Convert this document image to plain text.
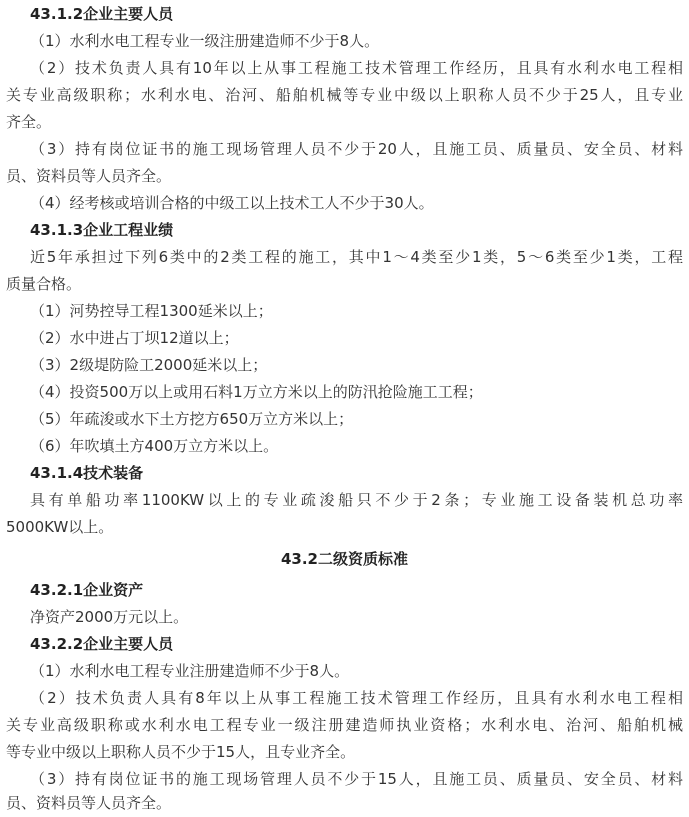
43.1.2企业主要人员
（1）水利水电工程专业一级注册建造师不少于8人。
（2）技术负责人具有10年以上从事工程施工技术管理工作经历，且具有水利水电工程相
关专业高级职称；水利水电、治河、船舶机械等专业中级以上职称人员不少于25人，且专业
齐全。
（3）持有岗位证书的施工现场管理人员不少于20人，且施工员、质量员、安全员、材料
员、资料员等人员齐全。
（4）经考核或培训合格的中级工以上技术工人不少于30人。
43.1.3企业工程业绩
近5年承担过下列6类中的2类工程的施工，其中1～4类至少1类，5～6类至少1类，工程
质量合格。
（1）河势控导工程1300延米以上；
（2）水中进占丁坝12道以上；
（3）2级堤防险工2000延米以上；
（4）投资500万以上或用石料1万立方米以上的防汛抢险施工工程；
（5）年疏浚或水下土方挖方650万立方米以上；
（6）年吹填土方400万立方米以上。
43.1.4技术装备
具有单船功率1100KW以上的专业疏浚船只不少于2条；专业施工设备装机总功率
5000KW以上。
43.2二级资质标准
43.2.1企业资产
净资产2000万元以上。
43.2.2企业主要人员
（1）水利水电工程专业注册建造师不少于8人。
（2）技术负责人具有8年以上从事工程施工技术管理工作经历，且具有水利水电工程相
关专业高级职称或水利水电工程专业一级注册建造师执业资格；水利水电、治河、船舶机械
等专业中级以上职称人员不少于15人，且专业齐全。
（3）持有岗位证书的施工现场管理人员不少于15人，且施工员、质量员、安全员、材料
员、资料员等人员齐全。
